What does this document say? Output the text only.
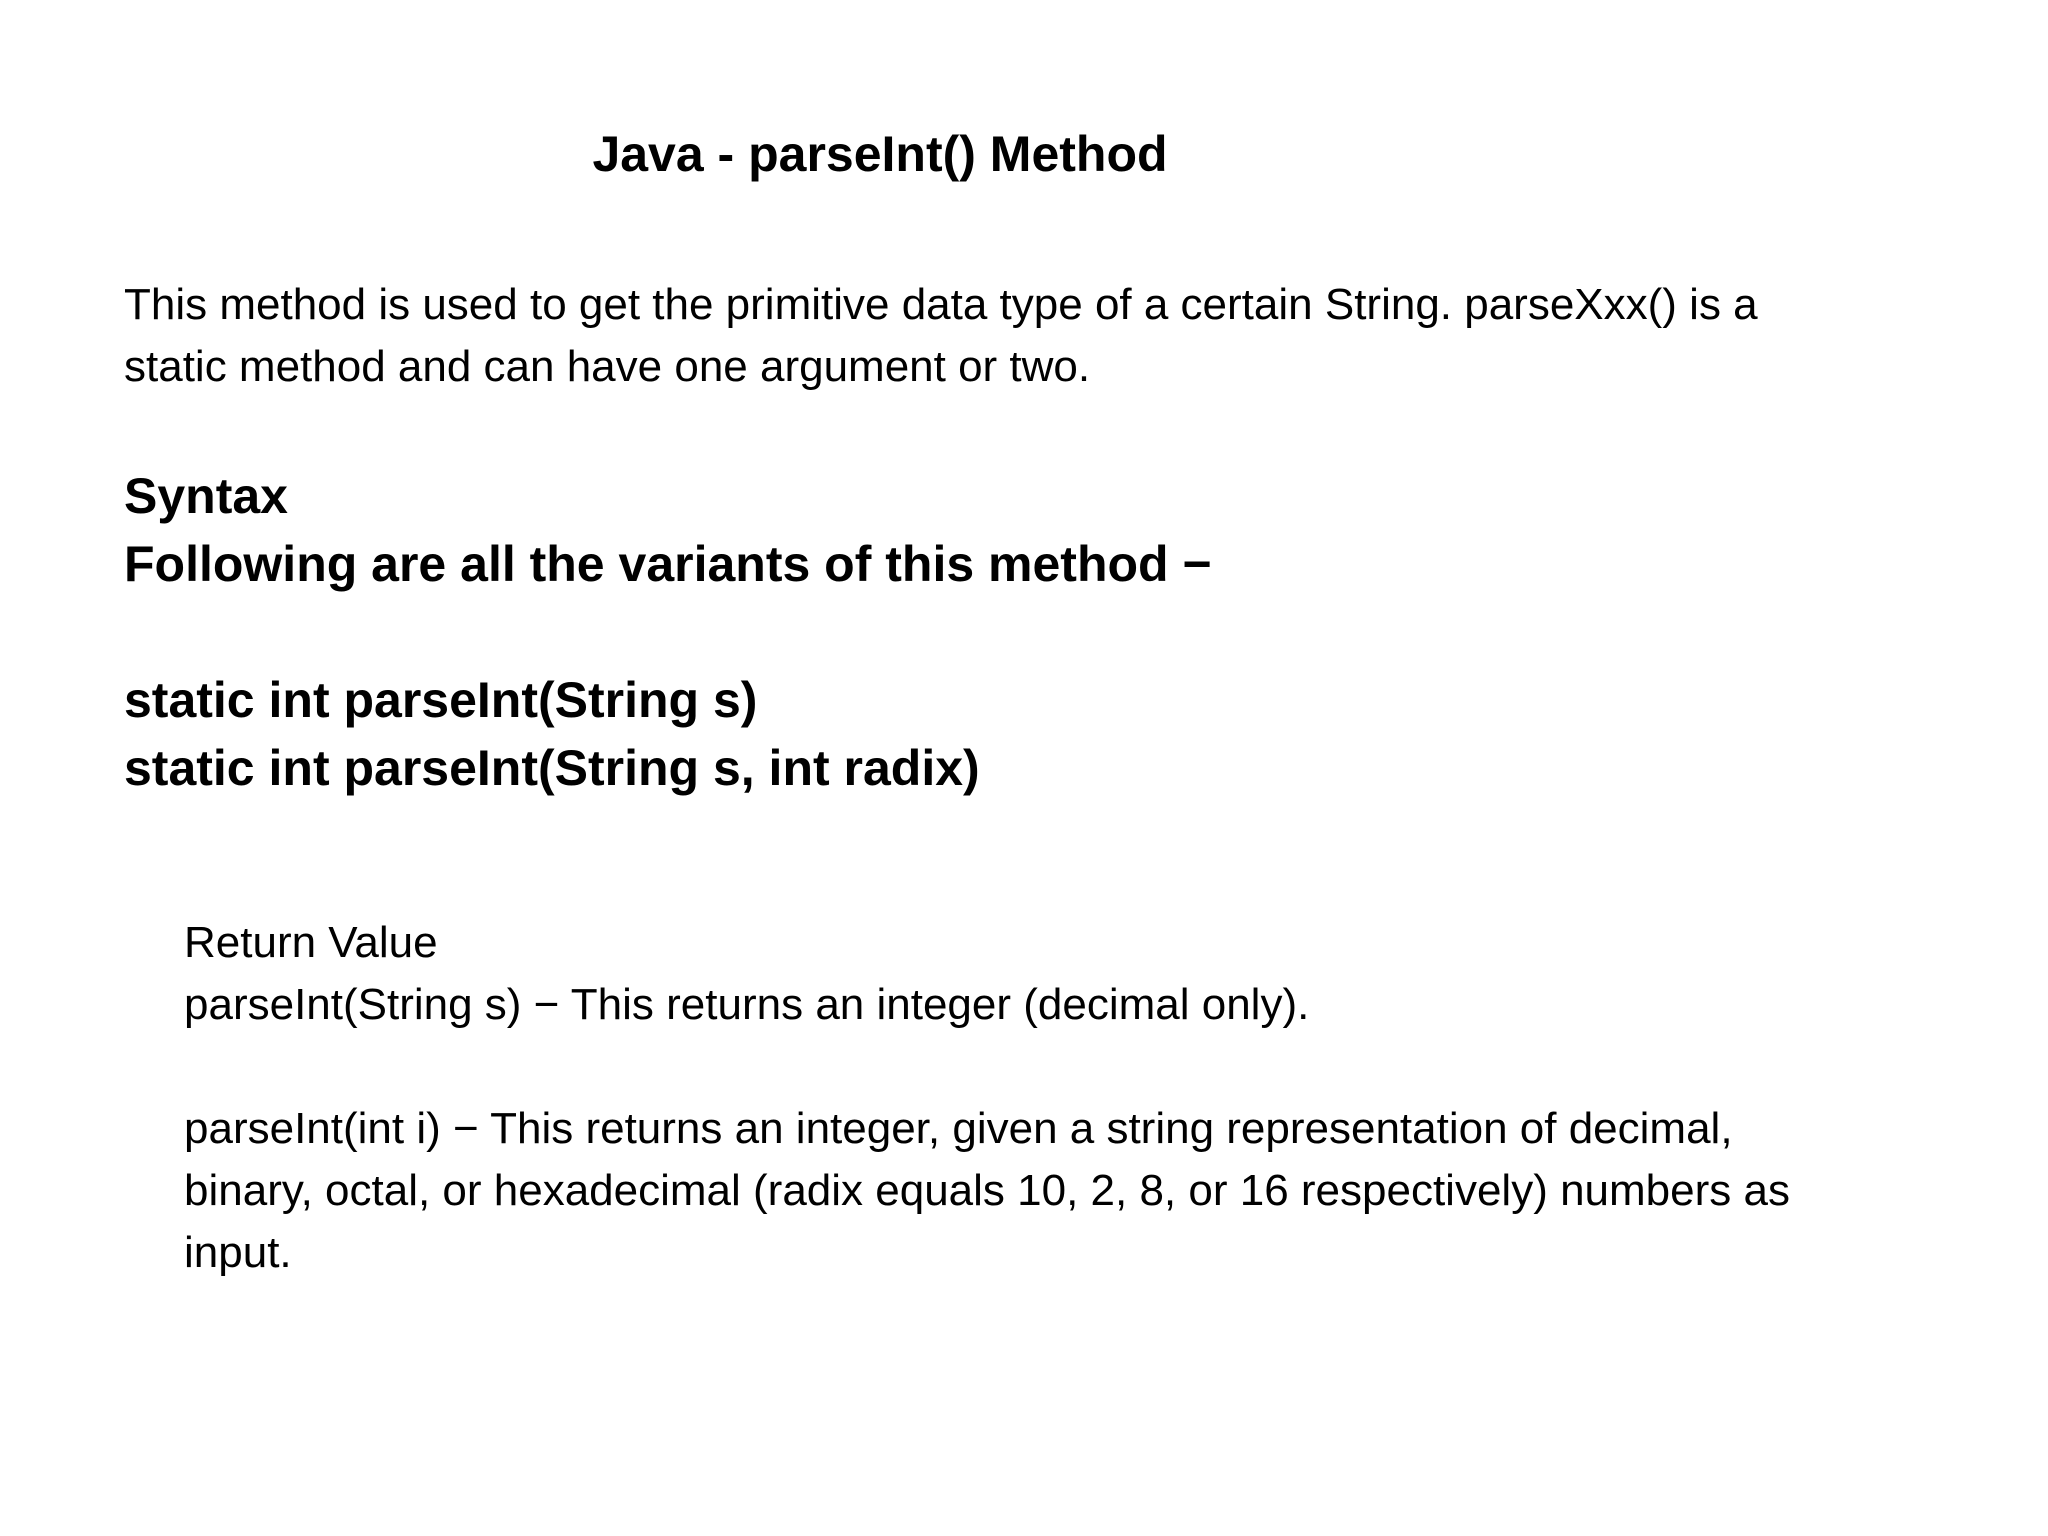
Java - parseInt() Method

This method is used to get the primitive data type of a certain String. parseXxx() is a

static method and can have one argument or two.

Syntax

Following are all the variants of this method −

static int parseInt(String s)

static int parseInt(String s, int radix)

Return Value

parseInt(String s) − This returns an integer (decimal only).

parseInt(int i) − This returns an integer, given a string representation of decimal,

binary, octal, or hexadecimal (radix equals 10, 2, 8, or 16 respectively) numbers as

input.
